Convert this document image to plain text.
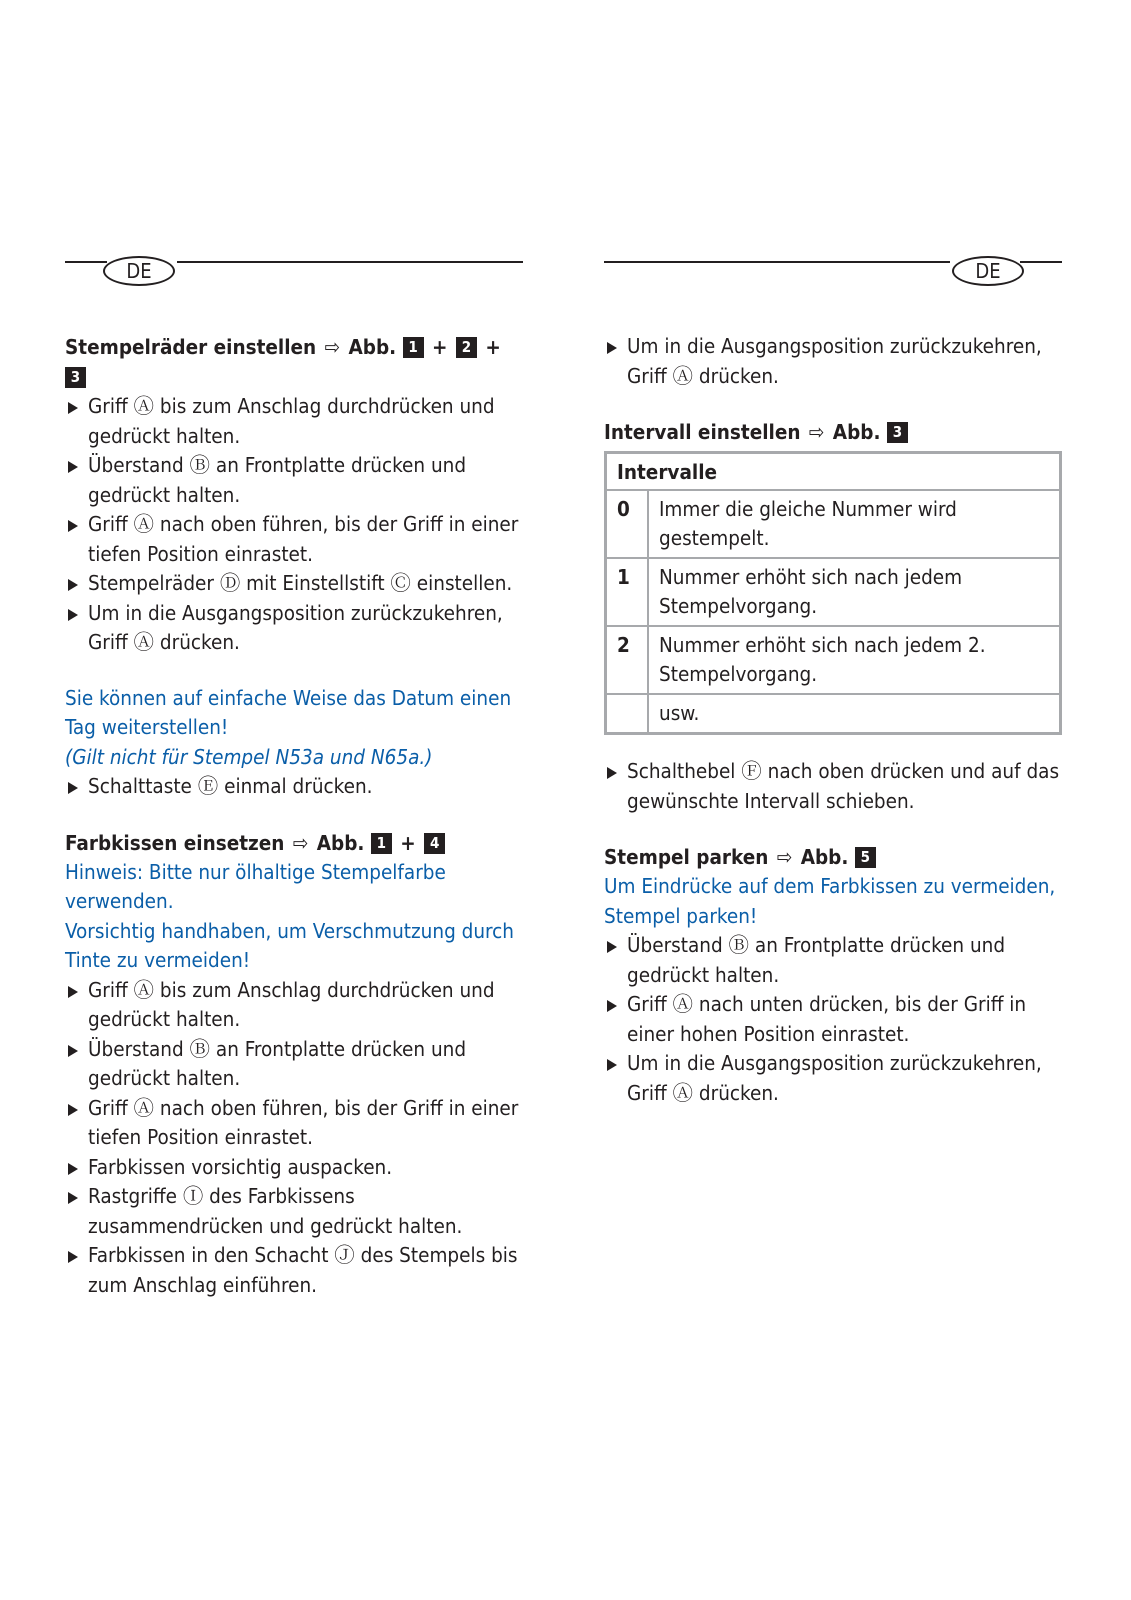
DE

Stempelräder einstellen ⇨ Abb. 1 + 2 + 3

Griff Ⓐ bis zum Anschlag durchdrücken und gedrückt halten.
Überstand Ⓑ an Frontplatte drücken und gedrückt halten.
Griff Ⓐ nach oben führen, bis der Griff in einer tiefen Position einrastet.
Stempelräder Ⓓ mit Einstellstift Ⓒ einstellen.
Um in die Ausgangsposition zurückzukehren, Griff Ⓐ drücken.

Sie können auf einfache Weise das Datum einen Tag weiterstellen!

(Gilt nicht für Stempel N53a und N65a.)

Schalttaste Ⓔ einmal drücken.

Farbkissen einsetzen ⇨ Abb. 1 + 4

Hinweis: Bitte nur ölhaltige Stempelfarbe verwenden.

Vorsichtig handhaben, um Verschmutzung durch Tinte zu vermeiden!

Griff Ⓐ bis zum Anschlag durchdrücken und gedrückt halten.
Überstand Ⓑ an Frontplatte drücken und gedrückt halten.
Griff Ⓐ nach oben führen, bis der Griff in einer tiefen Position einrastet.
Farbkissen vorsichtig auspacken.
Rastgriffe Ⓘ des Farbkissens zusammendrücken und gedrückt halten.
Farbkissen in den Schacht Ⓙ des Stempels bis zum Anschlag einführen.
DE
Um in die Ausgangsposition zurückzukehren, Griff Ⓐ drücken.

Intervall einstellen ⇨ Abb. 3

Intervalle	
0	Immer die gleiche Nummer wird gestempelt.
1	Nummer erhöht sich nach jedem Stempelvorgang.
2	Nummer erhöht sich nach jedem 2. Stempelvorgang.
	usw.
Schalthebel Ⓕ nach oben drücken und auf das gewünschte Intervall schieben.

Stempel parken ⇨ Abb. 5

Um Eindrücke auf dem Farbkissen zu vermeiden, Stempel parken!

Überstand Ⓑ an Frontplatte drücken und gedrückt halten.
Griff Ⓐ nach unten drücken, bis der Griff in einer hohen Position einrastet.
Um in die Ausgangsposition zurückzukehren, Griff Ⓐ drücken.
